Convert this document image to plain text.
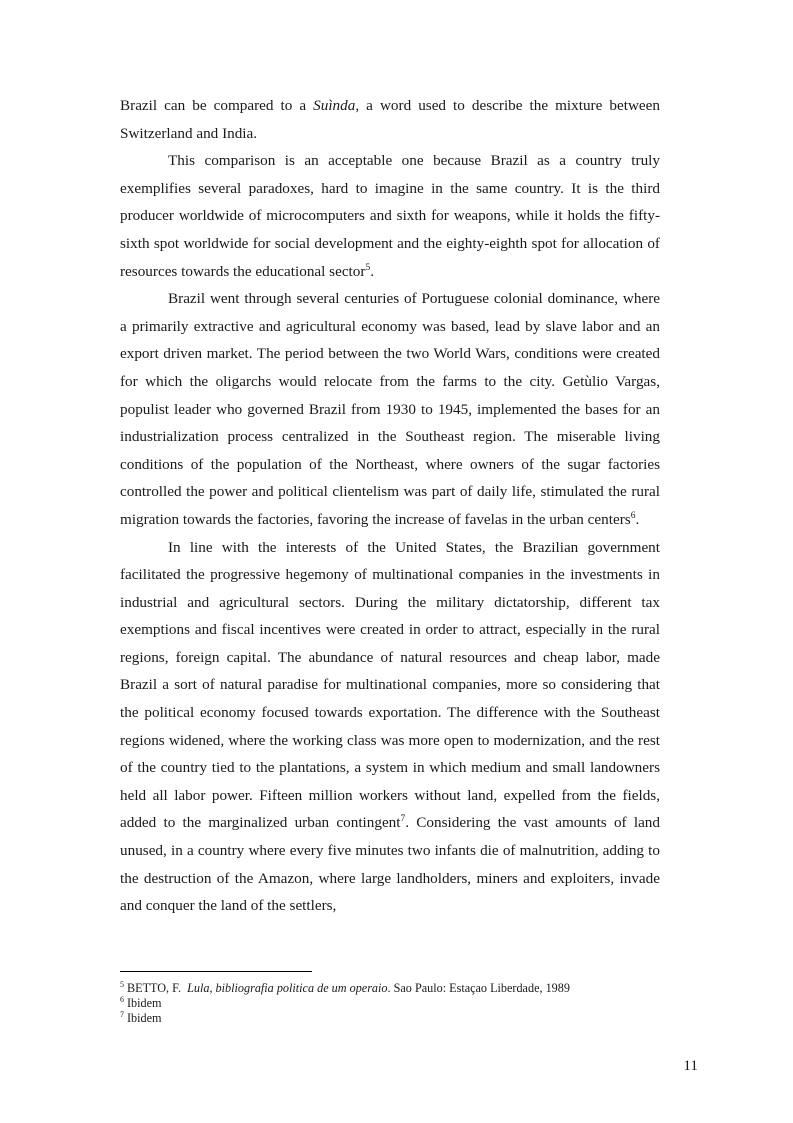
Brazil can be compared to a Suìnda, a word used to describe the mixture between Switzerland and India.

This comparison is an acceptable one because Brazil as a country truly exemplifies several paradoxes, hard to imagine in the same country. It is the third producer worldwide of microcomputers and sixth for weapons, while it holds the fifty-sixth spot worldwide for social development and the eighty-eighth spot for allocation of resources towards the educational sector$^5$.

Brazil went through several centuries of Portuguese colonial dominance, where a primarily extractive and agricultural economy was based, lead by slave labor and an export driven market. The period between the two World Wars, conditions were created for which the oligarchs would relocate from the farms to the city. Getùlio Vargas, populist leader who governed Brazil from 1930 to 1945, implemented the bases for an industrialization process centralized in the Southeast region. The miserable living conditions of the population of the Northeast, where owners of the sugar factories controlled the power and political clientelism was part of daily life, stimulated the rural migration towards the factories, favoring the increase of favelas in the urban centers$^6$.

In line with the interests of the United States, the Brazilian government facilitated the progressive hegemony of multinational companies in the investments in industrial and agricultural sectors. During the military dictatorship, different tax exemptions and fiscal incentives were created in order to attract, especially in the rural regions, foreign capital. The abundance of natural resources and cheap labor, made Brazil a sort of natural paradise for multinational companies, more so considering that the political economy focused towards exportation. The difference with the Southeast regions widened, where the working class was more open to modernization, and the rest of the country tied to the plantations, a system in which medium and small landowners held all labor power. Fifteen million workers without land, expelled from the fields, added to the marginalized urban contingent$^7$. Considering the vast amounts of land unused, in a country where every five minutes two infants die of malnutrition, adding to the destruction of the Amazon, where large landholders, miners and exploiters, invade and conquer the land of the settlers,

$^5$ BETTO, F. Lula, bibliografia politica de um operaio. Sao Paulo: Estaçao Liberdade, 1989
$^6$ Ibidem
$^7$ Ibidem
11
